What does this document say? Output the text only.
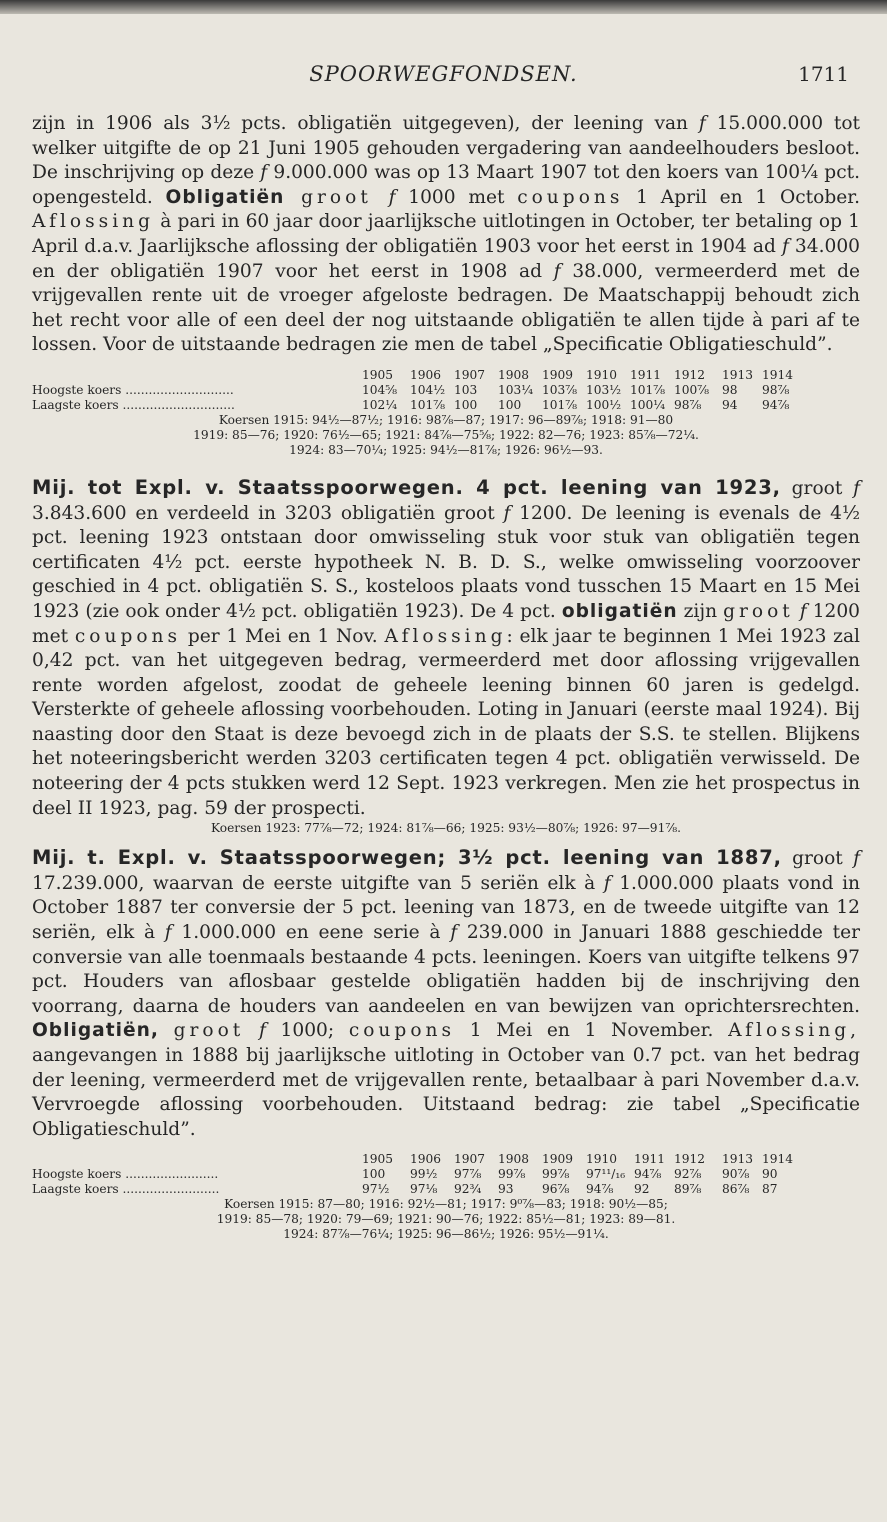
SPOORWEGFONDSEN.	1711

zijn in 1906 als 3½ pcts. obligatiën uitgegeven), der leening van f 15.000.000 tot welker uitgifte de op 21 Juni 1905 gehouden vergadering van aandeelhouders besloot. De inschrijving op deze f 9.000.000 was op 13 Maart 1907 tot den koers van 100¼ pct. opengesteld. Obligatiën groot f 1000 met coupons 1 April en 1 October. Aflossing à pari in 60 jaar door jaarlijksche uitlotingen in October, ter betaling op 1 April d.a.v. Jaarlijksche aflossing der obligatiën 1903 voor het eerst in 1904 ad f 34.000 en der obligatiën 1907 voor het eerst in 1908 ad f 38.000, vermeerderd met de vrijgevallen rente uit de vroeger afgeloste bedragen. De Maatschappij behoudt zich het recht voor alle of een deel der nog uitstaande obligatiën te allen tijde à pari af te lossen. Voor de uitstaande bedragen zie men de tabel „Specificatie Obligatieschuld”.

	1905	1906	1907	1908	1909	1910	1911	1912	1913	1914
Hoogste koers ............................	104⅝	104½	103	103¼	103⅞	103½	101⅞	100⅞	98	98⅞
Laagste koers .............................	102¼	101⅞	100	100	101⅞	100½	100¼	98⅞	94	94⅞

Koersen 1915: 94½—87½; 1916: 98⅞—87; 1917: 96—89⅞; 1918: 91—80

1919: 85—76; 1920: 76½—65; 1921: 84⅞—75⅝; 1922: 82—76; 1923: 85⅞—72¼.

1924: 83—70¼; 1925: 94½—81⅞; 1926: 96½—93.

Mij. tot Expl. v. Staatsspoorwegen. 4 pct. leening van 1923, groot f 3.843.600 en verdeeld in 3203 obligatiën groot f 1200. De leening is evenals de 4½ pct. leening 1923 ontstaan door omwisseling stuk voor stuk van obligatiën tegen certificaten 4½ pct. eerste hypotheek N. B. D. S., welke omwisseling voorzoover geschied in 4 pct. obligatiën S. S., kosteloos plaats vond tusschen 15 Maart en 15 Mei 1923 (zie ook onder 4½ pct. obligatiën 1923). De 4 pct. obligatiën zijn groot f 1200 met coupons per 1 Mei en 1 Nov. Aflossing: elk jaar te beginnen 1 Mei 1923 zal 0,42 pct. van het uitgegeven bedrag, vermeerderd met door aflossing vrijgevallen rente worden afgelost, zoodat de geheele leening binnen 60 jaren is gedelgd. Versterkte of geheele aflossing voorbehouden. Loting in Januari (eerste maal 1924). Bij naasting door den Staat is deze bevoegd zich in de plaats der S.S. te stellen. Blijkens het noteeringsbericht werden 3203 certificaten tegen 4 pct. obligatiën verwisseld. De noteering der 4 pcts stukken werd 12 Sept. 1923 verkregen. Men zie het prospectus in deel II 1923, pag. 59 der prospecti.

Koersen 1923: 77⅞—72; 1924: 81⅞—66; 1925: 93½—80⅞; 1926: 97—91⅞.

Mij. t. Expl. v. Staatsspoorwegen; 3½ pct. leening van 1887, groot f 17.239.000, waarvan de eerste uitgifte van 5 seriën elk à f 1.000.000 plaats vond in October 1887 ter conversie der 5 pct. leening van 1873, en de tweede uitgifte van 12 seriën, elk à f 1.000.000 en eene serie à f 239.000 in Januari 1888 geschiedde ter conversie van alle toenmaals bestaande 4 pcts. leeningen. Koers van uitgifte telkens 97 pct. Houders van aflosbaar gestelde obligatiën hadden bij de inschrijving den voorrang, daarna de houders van aandeelen en van bewijzen van oprichtersrechten. Obligatiën, groot f 1000; coupons 1 Mei en 1 November. Aflossing, aangevangen in 1888 bij jaarlijksche uitloting in October van 0.7 pct. van het bedrag der leening, vermeerderd met de vrijgevallen rente, betaalbaar à pari November d.a.v. Vervroegde aflossing voorbehouden. Uitstaand bedrag: zie tabel „Specificatie Obligatieschuld”.

	1905	1906	1907	1908	1909	1910	1911	1912	1913	1914
Hoogste koers ........................	100	99½	97⅞	99⅞	99⅞	97¹¹/₁₆	94⅞	92⅞	90⅞	90
Laagste koers .........................	97½	97⅛	92¾	93	96⅞	94⅞	92	89⅞	86⅞	87

Koersen 1915: 87—80; 1916: 92½—81; 1917: 9⁰⅞—83; 1918: 90½—85;

1919: 85—78; 1920: 79—69; 1921: 90—76; 1922: 85½—81; 1923: 89—81.

1924: 87⅞—76¼; 1925: 96—86½; 1926: 95½—91¼.
